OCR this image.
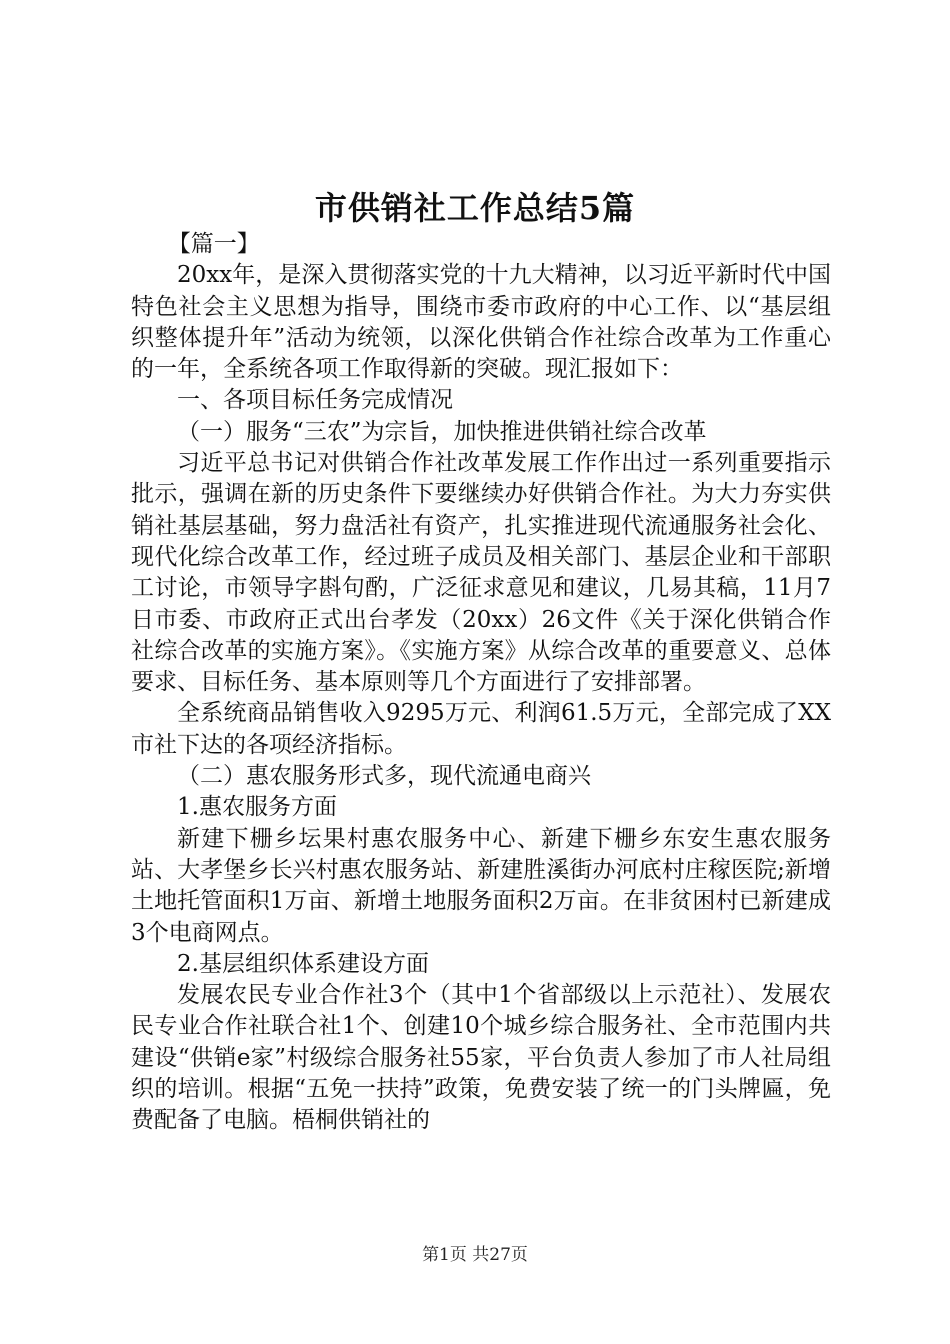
市供销社工作总结5篇

【篇一】

20xx年，是深入贯彻落实党的十九大精神，以习近平新时代中国特色社会主义思想为指导，围绕市委市政府的中心工作、以“基层组织整体提升年”活动为统领，以深化供销合作社综合改革为工作重心的一年，全系统各项工作取得新的突破。现汇报如下：

一、各项目标任务完成情况

（一）服务“三农”为宗旨，加快推进供销社综合改革

习近平总书记对供销合作社改革发展工作作出过一系列重要指示批示，强调在新的历史条件下要继续办好供销合作社。为大力夯实供销社基层基础，努力盘活社有资产，扎实推进现代流通服务社会化、现代化综合改革工作，经过班子成员及相关部门、基层企业和干部职工讨论，市领导字斟句酌，广泛征求意见和建议，几易其稿，11月7日市委、市政府正式出台孝发（20xx）26文件《关于深化供销合作社综合改革的实施方案》。《实施方案》从综合改革的重要意义、总体要求、目标任务、基本原则等几个方面进行了安排部署。

全系统商品销售收入9295万元、利润61.5万元，全部完成了XX市社下达的各项经济指标。

（二）惠农服务形式多，现代流通电商兴

1.惠农服务方面

新建下栅乡坛果村惠农服务中心、新建下栅乡东安生惠农服务站、大孝堡乡长兴村惠农服务站、新建胜溪街办河底村庄稼医院;新增土地托管面积1万亩、新增土地服务面积2万亩。在非贫困村已新建成3个电商网点。

2.基层组织体系建设方面

发展农民专业合作社3个（其中1个省部级以上示范社）、发展农民专业合作社联合社1个、创建10个城乡综合服务社、全市范围内共建设“供销e家”村级综合服务社55家，平台负责人参加了市人社局组织的培训。根据“五免一扶持”政策，免费安装了统一的门头牌匾，免费配备了电脑。梧桐供销社的

第1页 共27页
